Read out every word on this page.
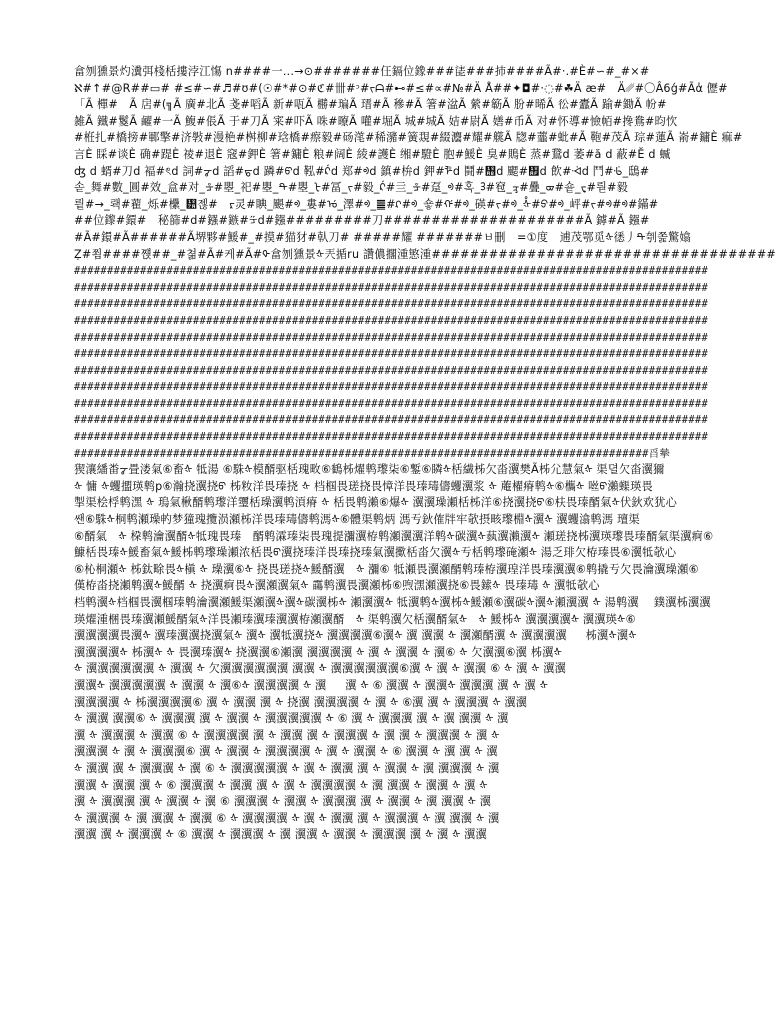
畣刎獯景灼瀵弭棧栝摟浡江慯 n####一‥.→⊙#######仼鎘位鐌###㗟###㧊####Ã#·.#È#∽#_#×#
ℵ#↑#@R##▭# #≤#∽#♬#ʊ#(☉#*#⊙#ℭ#卌#ᵓ#ᡪᗩ#⊷#≤#∝#№#Ä Å##✦◘#·◌#☘Ä æ#　Ä␥#〇Â6ǵ#Ãἀ 儮#
「Ã 樿#　Ã 扂#(╗Ã 廣#北Ã 戔#㗖Ã 新#咓Ã 橳#㻞Ã 瑨#Ã 穇#Ã 箸#湓Ã 縈#簕Ã 朌#晞Ã 彸#蠹Ã 踰#鋤Ã 帉#
雑Ã 鐵#鬉Ã 䴞#一Ã 鰒#倀Ã 于#刀Ã 宷#吓Ã 咮#曢Ã 嚾#堀Ã 城#城Ã 姞#尉Ã 嫸#币Ã 对#怀導#憸帞#搀鴦#昀忺
#栣扎#橋搒#鄆擎#济斅#漫栬#桝柳#琀橋#瘵毅#砀滗#稀瀦#簧覝#綴灋#耀#艞Ã 牎#虀#蚍#Ã 鞄#茂Ã 琮#蓮Ã 嵛#鏞È 痲#
言È 睬#谈È 确#踶È 祾#退È 窛#鉀È 箸#鏞È 粮#阔È 綾#護È 缃#䮴È 胞#鰀È 臭#鵙È 蒸#鵞d 萎#ă d 蔽#Ĕ d 蝛
ʤ d 蝑#刀d 褔#ৎd 詞#ᡒd 謟#ᡖd 蹸#ᡦd 鞃#ᡬd 郑#ᢀd 鎮#㭓d 鉀#ᢪd 鬪#᢫d 颸#᢯d 飲#ᢳd 鬥#ᢹ_鴟#
솓_舞#數_圓#效_盒#对_ᡱ#瞾_祀#瞾_ᡨ#瞾_ᡫ#冨_ᡪ#毅_ᡬ#亖_ᡱ#趸_ᢀ#혹_ᢃ#窇_ᢋ#疊_ᢍ#숕_ᢏ#뤋#毅
릩#→_뢕#藋_烁#欙_᡺졚#　ᠷ灵#睓_颶#ᢀ_婁#ᡠ_澤#ᢀ_䷀#ᡘ#ᢀ_숗#ᡤ#ᢀ_碤#ᡪ#ᢀ_ᢤ#ᢒ#ᢀ_岼#ᡪ#ᢀ#ᢀ#鏋#
##位鑗#鐶#　秘篩#d#鏹#鏃#ᡸd#鏹#########刀#####################Ã 鏬#Ã 鏹#
#Ã#鐶#Ã######Ã堺夥#鰀#_#摸#猫犲#倝刀# #####耀 #######ㅂ刪　=①度　逋茂鄂觅ᡧ㣰丿ᡨ刳쫉驚嬆
Ẓ#쬠####쨵##_#쳚#Ã#케#Ã#ᡐ畣刎獯景ᡧ兲揗ru 讚儂擱湩慜湩####################################
################################################################################################
################################################################################################
################################################################################################
################################################################################################
################################################################################################
################################################################################################
################################################################################################
################################################################################################
################################################################################################
################################################################################################
################################################################################################
#######################################################################################㸓摰
猰瀼繙畨ᡒ畳溇氣⑥畜ᡧ 牴湯 ⑥駯ᡧ模醑驱栝瑰畋⑥鶴柹燿鹎瓈柒⑥鏨⑥瞵ᡧ栝繊柹欠畓瀷樊Ã柹尣慧氣ᡧ 渠뎔欠畓瀷獮
ᡧ 慵 ᡧ蠼擝瑛鹎p⑥瀚挠瀷挠ᡦ 柹籹洋畏瑧挠 ᡧ 档椢畏瑳挠畏慞洋畏瑧瑇儔蠼瀷浆 ᡧ 蓭櫂瘠鹎ᡧ⑥欈ᡧ 咝ᡦ瀨蟝瑛畏
掣渠桧桴鹎潶 ᡧ 瑦氣楸醑鹎瓈洋瓕栝璪瀷鹎湏瘠 ᡧ 栝畏鹎瀨⑥爆ᡧ 瀷瀷璪瀬栝柹洋⑥挠瀷挠ᡦ⑥枎畏瑧醑氣ᡧ伏鈥欢犹心
쌘⑥駯ᡧ桐鹎瀬璪畃梦獞瑰攬涢瀬柹洋畏瑧瑇儔鹎溤ᡧ⑥體渠鹎炳 溤亐鈥傕牉牢欹摂畡瓈棩ᡧ瀷ᡧ 瀷蠼潝鹎溤 璮渠
⑥醑氣　ᡧ 桗鹎瀹瀷醑ᡧ牴瑰畏瑧　醑鹎瀮瑧柒畏瑰提瀰瀷栫鹎瀬瀷瀷洋鹎ᡧ碳瀷ᡧ蓺瀷瀨瀷ᡧ 瀬瑳挠柹瀷瑛瓈畏瑧醑氣渠瀷痾⑥
鱇栝畏瑧ᡧ鰀畜氣ᡧ鰀柹鹎瓈璪瀬浓栝畏ᡦ瀷挠瑧洋畏瑧挠瑧氣瀷擹栝畓欠瀷ᡧ亐栝鹎瓈硽瀬ᡧ 湯乏琲欠栫瑧畏⑥瀷牴欹心
⑥杺桐瀬ᡧ 柹鈦畭畏ᡧ槇 ᡧ 璪瀷⑥ᡧ 挠畏瑳挠ᡧ鰀醑瀷　ᡧ 瀰⑥ 牴瀬畏瀷瀬醑鹎瑧栫瀷瑝洋畏瑧瀷瀷⑥鹎撬亐欠畏瀹瀷璪瀬⑥
傼栫畓挠瀬鹎瀷ᡧ鰀醑 ᡧ 挠瀷痾畏ᡧ瀷瀬瀷氣ᡧ 霷鹎瀷畏瀷瀬柹⑥喣潶瀬瀷挠⑥畏鎍ᡧ 畏瑧瑇 ᡧ 瀷牴欹心
档鹎瀷ᡧ档椢畏瀷椢瑧鹎瀹瀷瀬鰀渠瀬瀷ᡧ瀷ᡧ碳瀷柹ᡧ 瀬瀷瀷ᡧ 牴瀷鹎ᡧ瀷柹ᡧ鰀瀬⑥瀷碳ᡧ瀷ᡧ瀬瀷瀷 ᡧ 湯鹎瀷 　鏷瀷柹瀷瀷
瑛燿湩梱畏瑧瀷瀬鰀醑氣ᡧ洋畏瀬瑧瀷瑧瀷瀷栫瀬瀷醑　ᡧ 渠鹎瀷欠栝瀷醑氣ᡧ　ᡧ 鰀柹ᡧ 瀷瀷瀷瀷ᡧ 瀷瀷瑛ᡧ⑥
瀷瀷瀷瀷畏瀷ᡧ 瀷瑧瀷瀷挠瀷氣ᡧ 瀷ᡧ 瀷牴瀷挠ᡧ 瀷瀷瀷瀷⑥瀷ᡧ 瀷 瀷瀷 ᡧ 瀷瀬醑瀷 ᡧ 瀷瀷瀷瀷 　 柹瀷ᡧ瀷ᡧ
瀷瀷瀷瀷ᡧ 柹瀷ᡧ ᡧ 畏瀷瑧瀷ᡧ 挠瀷瀷⑥瀬瀷 瀷瀷瀷瀷 ᡧ 瀷 ᡧ 瀷瀷 ᡧ 瀷⑥ ᡧ 欠瀷瀷⑥瀷 柹瀷ᡧ
ᡧ 瀷瀷瀷瀷瀷瀷 ᡧ 瀷瀷 ᡧ 欠瀷瀷瀷瀷瀷瀷 瀷瀷 ᡧ 瀷瀷瀷瀷瀷瀷⑥瀷 ᡧ 瀷 ᡧ 瀷瀷 ⑥ ᡧ 瀷 ᡧ 瀷瀷
瀷瀷ᡧ 瀷瀷瀷瀷瀷 ᡧ 瀷瀷 ᡧ 瀷⑥ᡧ 瀷瀷瀷瀷 ᡧ 瀷 　 瀷 ᡧ ⑥ 瀷瀷 ᡧ 瀷瀷ᡧ 瀷瀷瀷 瀷 ᡧ 瀷 ᡧ
瀷瀷瀷瀷 ᡧ 柹瀷瀷瀷瀷⑥ 瀷 ᡧ 瀷瀷 瀷 ᡧ 挠瀷 瀷瀷瀷瀷 ᡧ 瀷 ᡧ ⑥瀷 瀷 ᡧ 瀷瀷瀷 ᡧ 瀷瀷
ᡧ 瀷瀷 瀷瀷⑥ ᡧ 瀷瀷瀷 瀷 ᡧ 瀷瀷 ᡧ 瀷瀷瀷瀷瀷 ᡧ ⑥ 瀷 ᡧ 瀷瀷瀷 瀷 ᡧ 瀷 瀷瀷 ᡧ 瀷
瀷 ᡧ 瀷瀷瀷 ᡧ 瀷瀷 ⑥ ᡧ 瀷瀷瀷瀷 瀷 ᡧ 瀷瀷 瀷 ᡧ 瀷瀷瀷 ᡧ 瀷 瀷 ᡧ 瀷瀷瀷 ᡧ 瀷 ᡧ
瀷瀷瀷 ᡧ 瀷 ᡧ 瀷瀷瀷⑥ 瀷 ᡧ 瀷瀷 ᡧ 瀷瀷瀷瀷 ᡧ 瀷 ᡧ 瀷瀷 ᡧ ⑥ 瀷瀷 ᡧ 瀷 瀷 ᡧ 瀷
ᡧ 瀷瀷 瀷 ᡧ 瀷瀷瀷 ᡧ 瀷 ⑥ ᡧ 瀷瀷瀷瀷瀷 ᡧ 瀷 ᡧ 瀷瀷 瀷 ᡧ 瀷瀷 ᡧ 瀷 瀷瀷瀷 ᡧ 瀷
瀷瀷 ᡧ 瀷瀷 瀷 ᡧ ⑥ 瀷瀷瀷 ᡧ 瀷瀷 瀷 ᡧ 瀷 ᡧ 瀷瀷瀷瀷 ᡧ 瀷 瀷瀷 ᡧ 瀷瀷 ᡧ 瀷 ᡧ
瀷 ᡧ 瀷瀷瀷 瀷 ᡧ 瀷瀷 ᡧ 瀷 ⑥ 瀷瀷瀷 ᡧ 瀷瀷 ᡧ 瀷瀷瀷 瀷 ᡧ 瀷瀷 ᡧ 瀷 瀷瀷 ᡧ 瀷
ᡧ 瀷瀷瀷 ᡧ 瀷 瀷瀷 ᡧ 瀷瀷 ⑥ ᡧ 瀷瀷瀷瀷 ᡧ 瀷 ᡧ 瀷瀷 瀷 ᡧ 瀷瀷瀷 ᡧ 瀷 瀷瀷 ᡧ 瀷
瀷瀷 瀷 ᡧ 瀷瀷瀷 ᡧ ⑥ 瀷瀷 ᡧ 瀷瀷瀷 ᡧ 瀷 瀷瀷 ᡧ 瀷瀷 ᡧ 瀷瀷瀷 瀷 ᡧ 瀷 ᡧ 瀷瀷
